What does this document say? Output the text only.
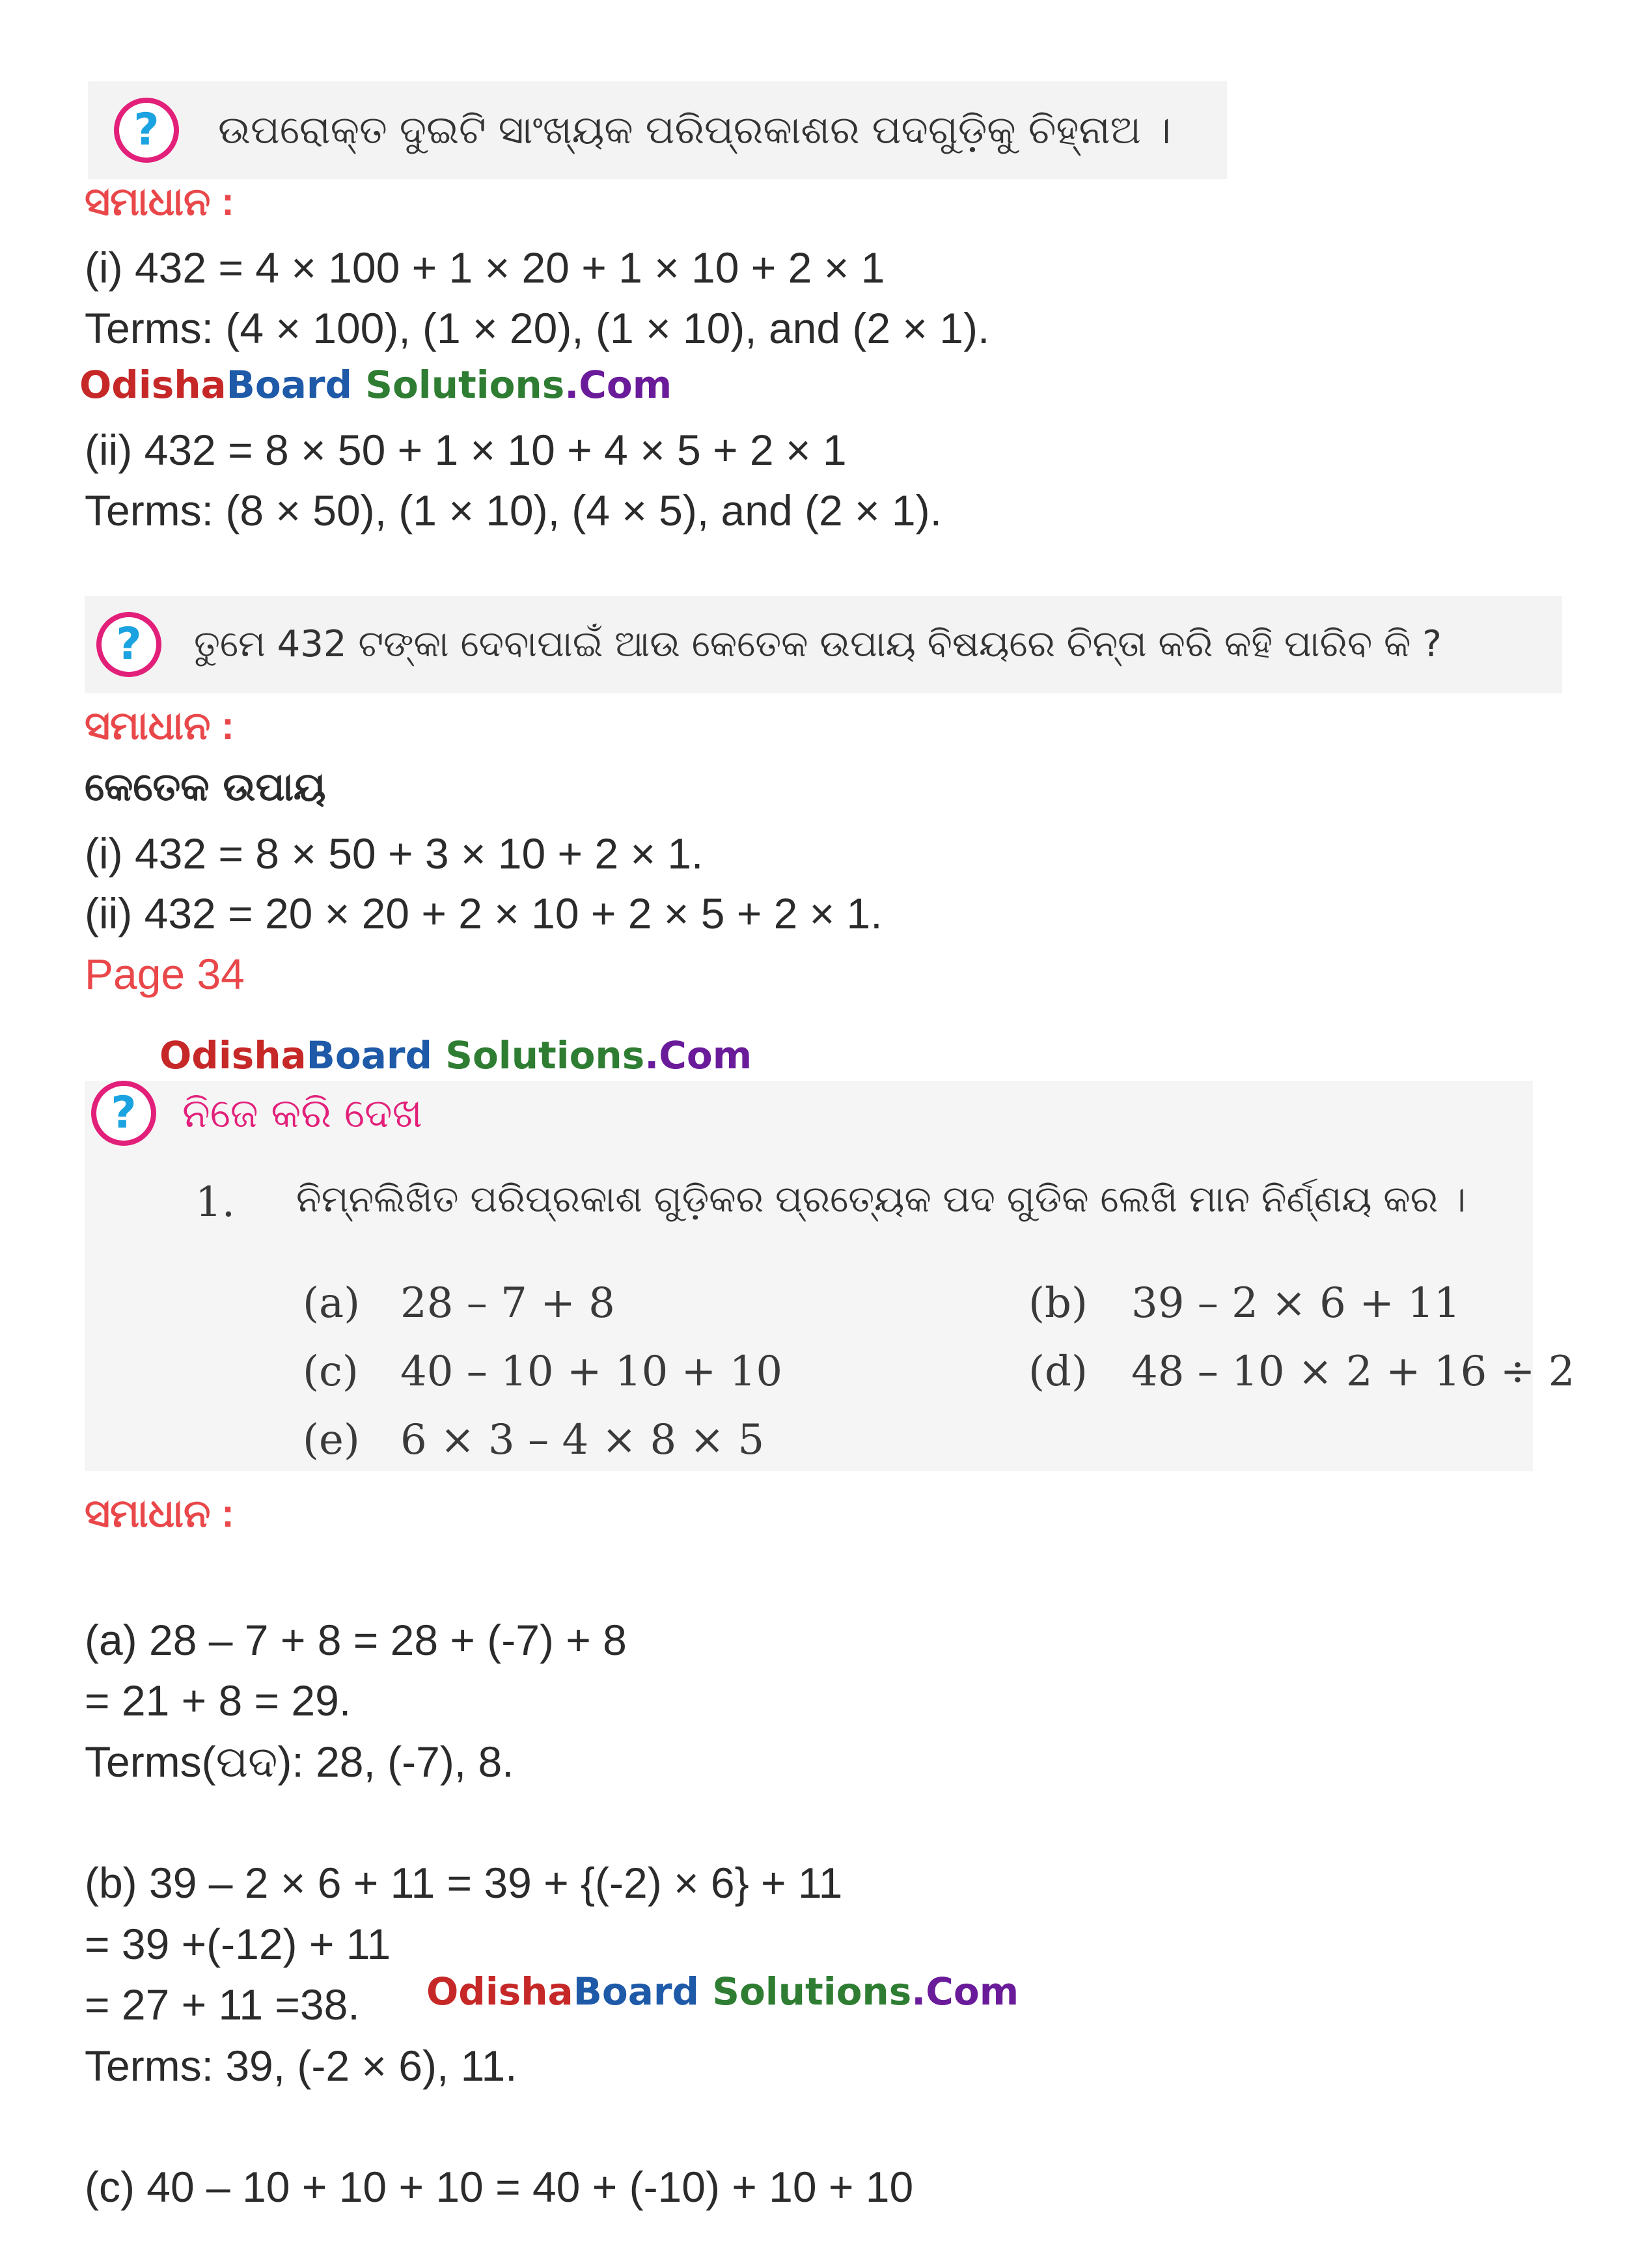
? ଉପରୋକ୍ତ ଦୁଇଟି ସାଂଖ୍ୟକ ପରିପ୍ରକାଶର ପଦଗୁଡ଼ିକୁ ଚିହ୍ନାଅ ।
ସମାଧାନ :
(i) 432 = 4 × 100 + 1 × 20 + 1 × 10 + 2 × 1
Terms: (4 × 100), (1 × 20), (1 × 10), and (2 × 1).
OdishaBoard Solutions.Com
(ii) 432 = 8 × 50 + 1 × 10 + 4 × 5 + 2 × 1
Terms: (8 × 50), (1 × 10), (4 × 5), and (2 × 1).
? ତୁମେ 432 ଟଙ୍କା ଦେବାପାଇଁ ଆଉ କେତେକ ଉପାୟ ବିଷୟରେ ଚିନ୍ତା କରି କହି ପାରିବ କି ?
ସମାଧାନ :
କେତେକ ଉପାୟ
(i) 432 = 8 × 50 + 3 × 10 + 2 × 1.
(ii) 432 = 20 × 20 + 2 × 10 + 2 × 5 + 2 × 1.
Page 34
OdishaBoard Solutions.Com
? ନିଜେ କରି ଦେଖ
1. ନିମ୍ନଲିଖିତ ପରିପ୍ରକାଶ ଗୁଡ଼ିକର ପ୍ରତ୍ୟେକ ପଦ ଗୁଡିକ ଲେଖି ମାନ ନିର୍ଣ୍ଣୟ କର ।
(a) 28 – 7 + 8	(b) 39 – 2 × 6 + 11
(c) 40 – 10 + 10 + 10	(d) 48 – 10 × 2 + 16 ÷ 2
(e) 6 × 3 – 4 × 8 × 5
ସମାଧାନ :
(a) 28 – 7 + 8 = 28 + (-7) + 8
= 21 + 8 = 29.
Terms(ପଦ): 28, (-7), 8.
(b) 39 – 2 × 6 + 11 = 39 + {(-2) × 6} + 11
= 39 +(-12) + 11
= 27 + 11 =38. OdishaBoard Solutions.Com
Terms: 39, (-2 × 6), 11.
(c) 40 – 10 + 10 + 10 = 40 + (-10) + 10 + 10
